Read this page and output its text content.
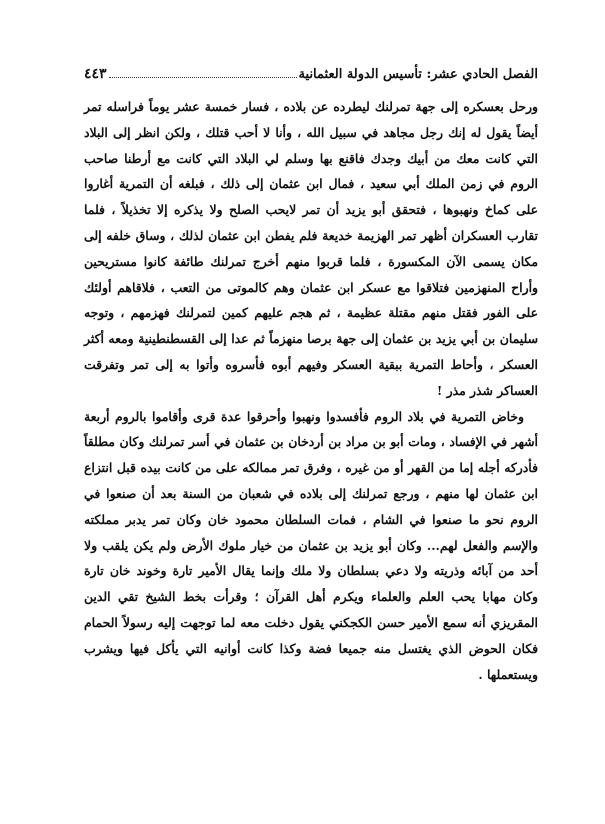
الفصل الحادي عشر: تأسيس الدولة العثمانية
٤٤٣

ورحل بعسكره إلى جهة تمرلنك ليطرده عن بلاده ، فسار خمسة عشر يوماً فراسله تمر أيضاً يقول له إنك رجل مجاهد في سبيل الله ، وأنا لا أحب قتلك ، ولكن انظر إلى البلاد التي كانت معك من أبيك وجدك فاقنع بها وسلم لي البلاد التي كانت مع أرطنا صاحب الروم في زمن الملك أبي سعيد ، فمال ابن عثمان إلى ذلك ، فبلغه أن التمرية أغاروا على كماخ ونهبوها ، فتحقق أبو يزيد أن تمر لايحب الصلح ولا يذكره إلا تخذيلاً ، فلما تقارب العسكران أظهر تمر الهزيمة خديعة فلم يفطن ابن عثمان لذلك ، وساق خلفه إلى مكان يسمى الآن المكسورة ، فلما قربوا منهم أخرج تمرلنك طائفة كانوا مستريحين وأراح المنهزمين فتلاقوا مع عسكر ابن عثمان وهم كالموتى من التعب ، فلاقاهم أولئك على الفور فقتل منهم مقتلة عظيمة ، ثم هجم عليهم كمين لتمرلنك فهزمهم ، وتوجه سليمان بن أبي يزيد بن عثمان إلى جهة برصا منهزماً ثم عدا إلى القسطنطينية ومعه أكثر العسكر ، وأحاط التمرية ببقية العسكر وفيهم أبوه فأسروه وأتوا به إلى تمر وتفرقت العساكر شذر مذر !

وخاض التمرية في بلاد الروم فأفسدوا ونهبوا وأحرقوا عدة قرى وأقاموا بالروم أربعة أشهر في الإفساد ، ومات أبو بن مراد بن أردخان بن عثمان في أسر تمرلنك وكان مطلقاً فأدركه أجله إما من القهر أو من غيره ، وفرق تمر ممالكه على من كانت بيده قبل انتزاع ابن عثمان لها منهم ، ورجع تمرلنك إلى بلاده في شعبان من السنة بعد أن صنعوا في الروم نحو ما صنعوا في الشام ، فمات السلطان محمود خان وكان تمر يدبر مملكته والإسم والفعل لهم... وكان أبو يزيد بن عثمان من خيار ملوك الأرض ولم يكن يلقب ولا أحد من آبائه وذريته ولا دعي بسلطان ولا ملك وإنما يقال الأمير تارة وخوند خان تارة وكان مهابا يحب العلم والعلماء ويكرم أهل القرآن ؛ وقرأت بخط الشيخ تقي الدين المقريزي أنه سمع الأمير حسن الكجكني يقول دخلت معه لما توجهت إليه رسولاً الحمام فكان الحوض الذي يغتسل منه جميعا فضة وكذا كانت أوانيه التي يأكل فيها ويشرب ويستعملها .
